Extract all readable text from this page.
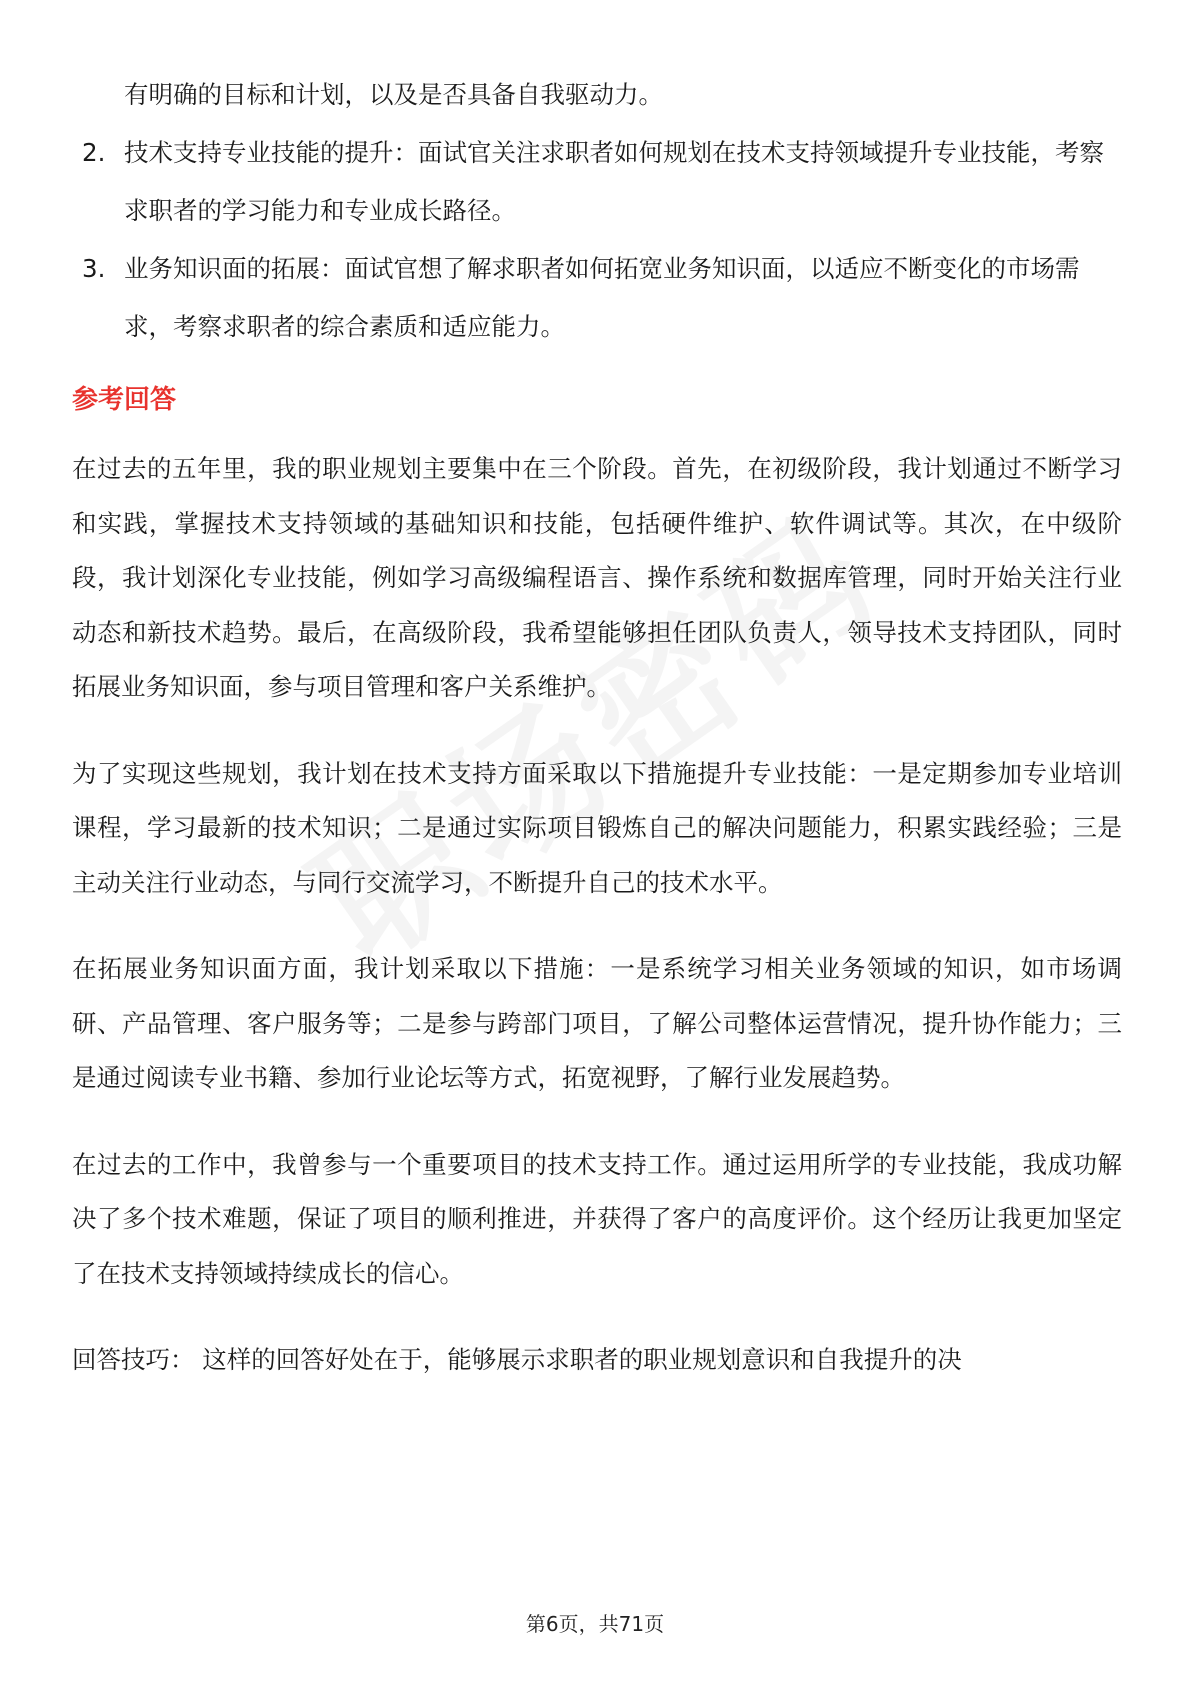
有明确的目标和计划，以及是否具备自我驱动力。
2. 技术支持专业技能的提升：面试官关注求职者如何规划在技术支持领域提升专业技能，考察求职者的学习能力和专业成长路径。
3. 业务知识面的拓展：面试官想了解求职者如何拓宽业务知识面，以适应不断变化的市场需求，考察求职者的综合素质和适应能力。
参考回答

在过去的五年里，我的职业规划主要集中在三个阶段。首先，在初级阶段，我计划通过不断学习和实践，掌握技术支持领域的基础知识和技能，包括硬件维护、软件调试等。其次，在中级阶段，我计划深化专业技能，例如学习高级编程语言、操作系统和数据库管理，同时开始关注行业动态和新技术趋势。最后，在高级阶段，我希望能够担任团队负责人，领导技术支持团队，同时拓展业务知识面，参与项目管理和客户关系维护。

为了实现这些规划，我计划在技术支持方面采取以下措施提升专业技能：一是定期参加专业培训课程，学习最新的技术知识；二是通过实际项目锻炼自己的解决问题能力，积累实践经验；三是主动关注行业动态，与同行交流学习，不断提升自己的技术水平。

在拓展业务知识面方面，我计划采取以下措施：一是系统学习相关业务领域的知识，如市场调研、产品管理、客户服务等；二是参与跨部门项目，了解公司整体运营情况，提升协作能力；三是通过阅读专业书籍、参加行业论坛等方式，拓宽视野，了解行业发展趋势。

在过去的工作中，我曾参与一个重要项目的技术支持工作。通过运用所学的专业技能，我成功解决了多个技术难题，保证了项目的顺利推进，并获得了客户的高度评价。这个经历让我更加坚定了在技术支持领域持续成长的信心。

回答技巧： 这样的回答好处在于，能够展示求职者的职业规划意识和自我提升的决

第6页，共71页
